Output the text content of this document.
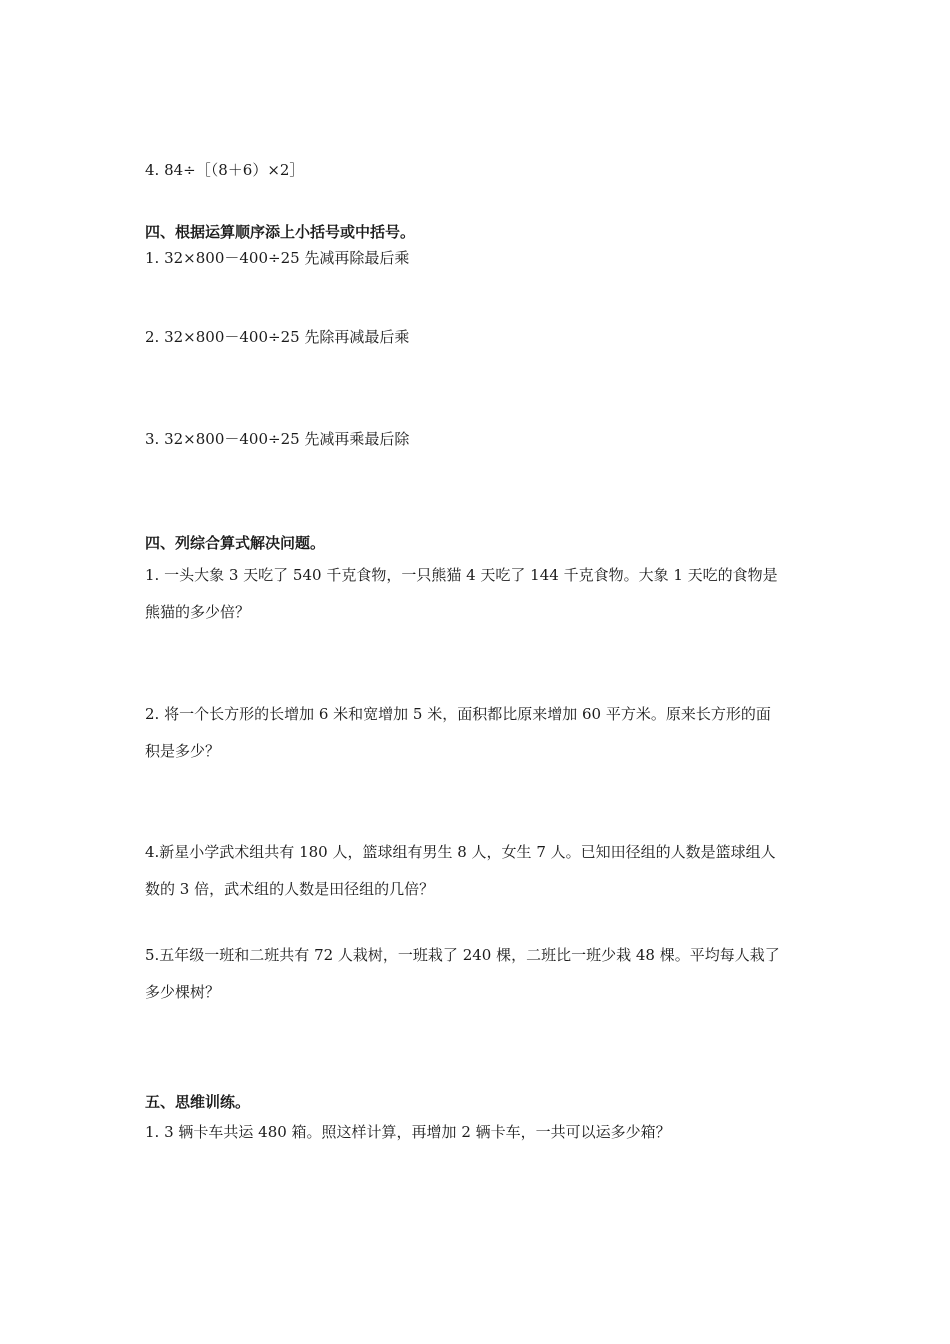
4. 84÷［（8＋6）×2］
四、根据运算顺序添上小括号或中括号。
1. 32×800－400÷25 先减再除最后乘
2. 32×800－400÷25 先除再减最后乘
3. 32×800－400÷25 先减再乘最后除
四、列综合算式解决问题。
1. 一头大象 3 天吃了 540 千克食物，一只熊猫 4 天吃了 144 千克食物。大象 1 天吃的食物是
熊猫的多少倍？
2. 将一个长方形的长增加 6 米和宽增加 5 米，面积都比原来增加 60 平方米。原来长方形的面
积是多少？
4.新星小学武术组共有 180 人，篮球组有男生 8 人，女生 7 人。已知田径组的人数是篮球组人
数的 3 倍，武术组的人数是田径组的几倍？
5.五年级一班和二班共有 72 人栽树，一班栽了 240 棵，二班比一班少栽 48 棵。平均每人栽了
多少棵树？
五、思维训练。
1. 3 辆卡车共运 480 箱。照这样计算，再增加 2 辆卡车，一共可以运多少箱？
